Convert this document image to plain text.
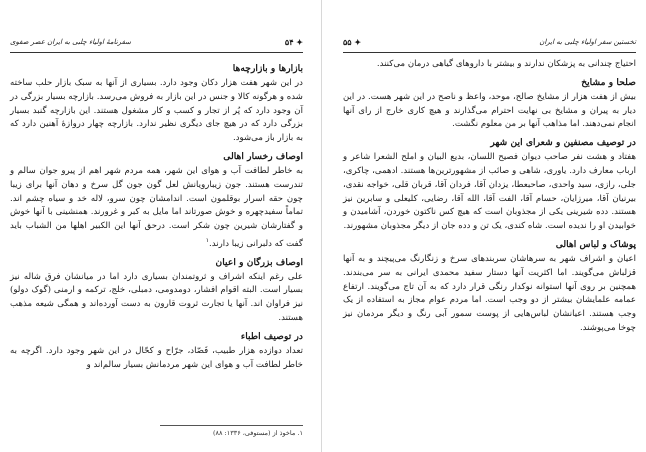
✦ ۵۴
سفرنامهٔ اولیاء چلبی به ایران عصر صفوی
بازارها و بازارچه‌ها

در این شهر هفت هزار دکان وجود دارد. بسیاری از آنها به سبک بازار حلب ساخته شده و هرگونه کالا و جنس در این بازار به فروش می‌رسد. بازارچه بسیار بزرگی در آن وجود دارد که پُر از تجار و کسب و کار مشغول هستند. این بازارچه گنبد بسیار بزرگی دارد که در هیچ جای دیگری نظیر ندارد. بازارچه چهار دروازهٔ آهنین دارد که به بازار باز می‌شود.

اوصاف رخسار اهالی

به خاطر لطافت آب و هوای این شهر، همه مردم شهر اهم از پیرو جوان سالم و تندرست هستند. جون زیبارویانش لعل گون جون گل سرخ و دهان آنها برای زیبا چون حقه اسرار بوقلمون است. اندامشان چون سرو، لاله خد و سیاه چشم اند. تماماً سفیدچهره و خوش صورتاند اما مایل به کبر و غرورند. همنشینی با آنها خوش و گفتارشان شیرین چون شکر است. درحق آنها این الکبیر اهلها من الشباب باید گفت که دلبرانی زیبا دارند.$^۱$

اوصاف بزرگان و اعیان

علی رغم اینکه اشراف و ثروتمندان بسیاری دارد اما در میانشان فرق شاله نیز بسیار است. البته اقوام افشار، دومدومی، دمبلی، خلج، ترکمه و ارمنی (گوک دولو) نیز فراوان اند. آنها یا تجارت ثروت قارون به دست آورده‌اند و همگی شیعه مذهب هستند.

در توصیف اطباء

تعداد دوازده هزار طبیب، فَصّاد، جرّاح و کحّال در این شهر وجود دارد. اگرچه به خاطر لطافت آب و هوای این شهر مردمانش بسیار سالم‌اند و

۱. ماخوذ از (مستوفی، ۱۳۳۶: ۸۸)
تخستین سفر اولیاء چلبی به ایران
✦ ۵۵

احتیاج چندانی به پزشکان ندارند و بیشتر با داروهای گیاهی درمان می‌کنند.

صلحا و مشایخ

بیش از هفت هزار از مشایخ صالح، موحد، واعظ و ناصح در این شهر هست. در این دیار به پیران و مشایخ بی نهایت احترام می‌گذارند و هیچ کاری خارج از رای آنها انجام نمی‌دهند. اما مذاهب آنها بر من معلوم نگشت.

در توصیف مصنفین و شعرای این شهر

هفتاد و هشت نفر صاحب دیوان فصیح اللسان، بدیع البیان و املح الشعرا شاعر و ارباب معارف دارد. یاوری، شاهی و صائب از مشهورترین‌ها هستند. ادهمی، چاکری، جلی، رازی، سید واحدی، صاحبعطا، یزدان آقا، فردان آقا، قربان قلی، خواجه نقدی، بیرنیان آقا، میرزایان، حسام آقا، الفت آقا، الله آقا، رضایی، کلیعلی و سابرین نیز هستند. دده شیرینی یکی از مجذوبان است که هیچ کس ناکتون خوردن، آشامیدن و خوابیدن او را ندیده است. شاه کندی، یک تن و دده جان از دیگر مجذوبان مشهورند.

پوشاک و لباس اهالی

اعیان و اشراف شهر به سرهاشان سربندهای سرخ و زنگارنگ می‌پیچند و به آنها قزلباش می‌گویند. اما اکثریت آنها دستار سفید محمدی ایرانی به سر می‌بندند. همچنین بر روی آنها استوانه نوکدار رنگی قرار دارد که به آن تاج می‌گویند. ارتفاع عمامه علمایشان بیشتر از دو وجب است. اما مردم عوام مجاز به استفاده از یک وجب هستند. اعیانشان لباس‌هایی از پوست سمور آبی رنگ و دیگر مردمان نیز چوخا می‌پوشند.
